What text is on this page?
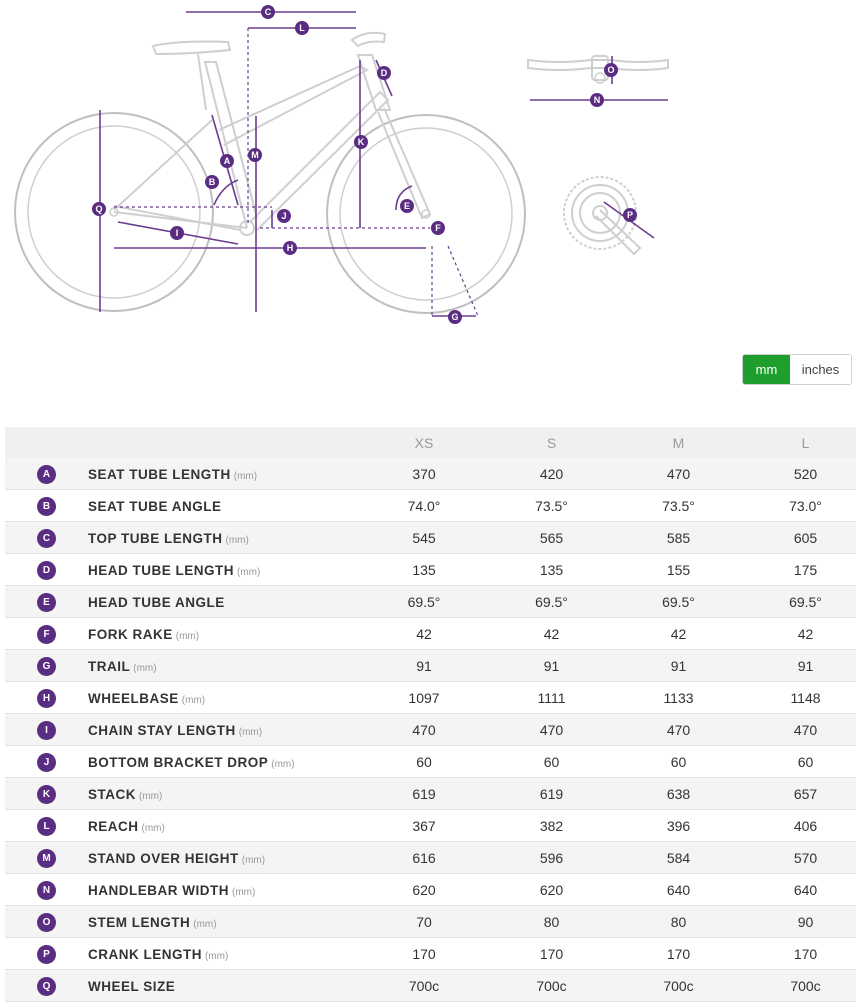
C
L
D
K
M
A
B
Q
J
I
H
E
F
G
O
N
P
mm	inches
		XS	S	M	L
A	SEAT TUBE LENGTH (mm)	370	420	470	520
B	SEAT TUBE ANGLE	74.0°	73.5°	73.5°	73.0°
C	TOP TUBE LENGTH (mm)	545	565	585	605
D	HEAD TUBE LENGTH (mm)	135	135	155	175
E	HEAD TUBE ANGLE	69.5°	69.5°	69.5°	69.5°
F	FORK RAKE (mm)	42	42	42	42
G	TRAIL (mm)	91	91	91	91
H	WHEELBASE (mm)	1097	1111	1133	1148
I	CHAIN STAY LENGTH (mm)	470	470	470	470
J	BOTTOM BRACKET DROP (mm)	60	60	60	60
K	STACK (mm)	619	619	638	657
L	REACH (mm)	367	382	396	406
M	STAND OVER HEIGHT (mm)	616	596	584	570
N	HANDLEBAR WIDTH (mm)	620	620	640	640
O	STEM LENGTH (mm)	70	80	80	90
P	CRANK LENGTH (mm)	170	170	170	170
Q	WHEEL SIZE	700c	700c	700c	700c
